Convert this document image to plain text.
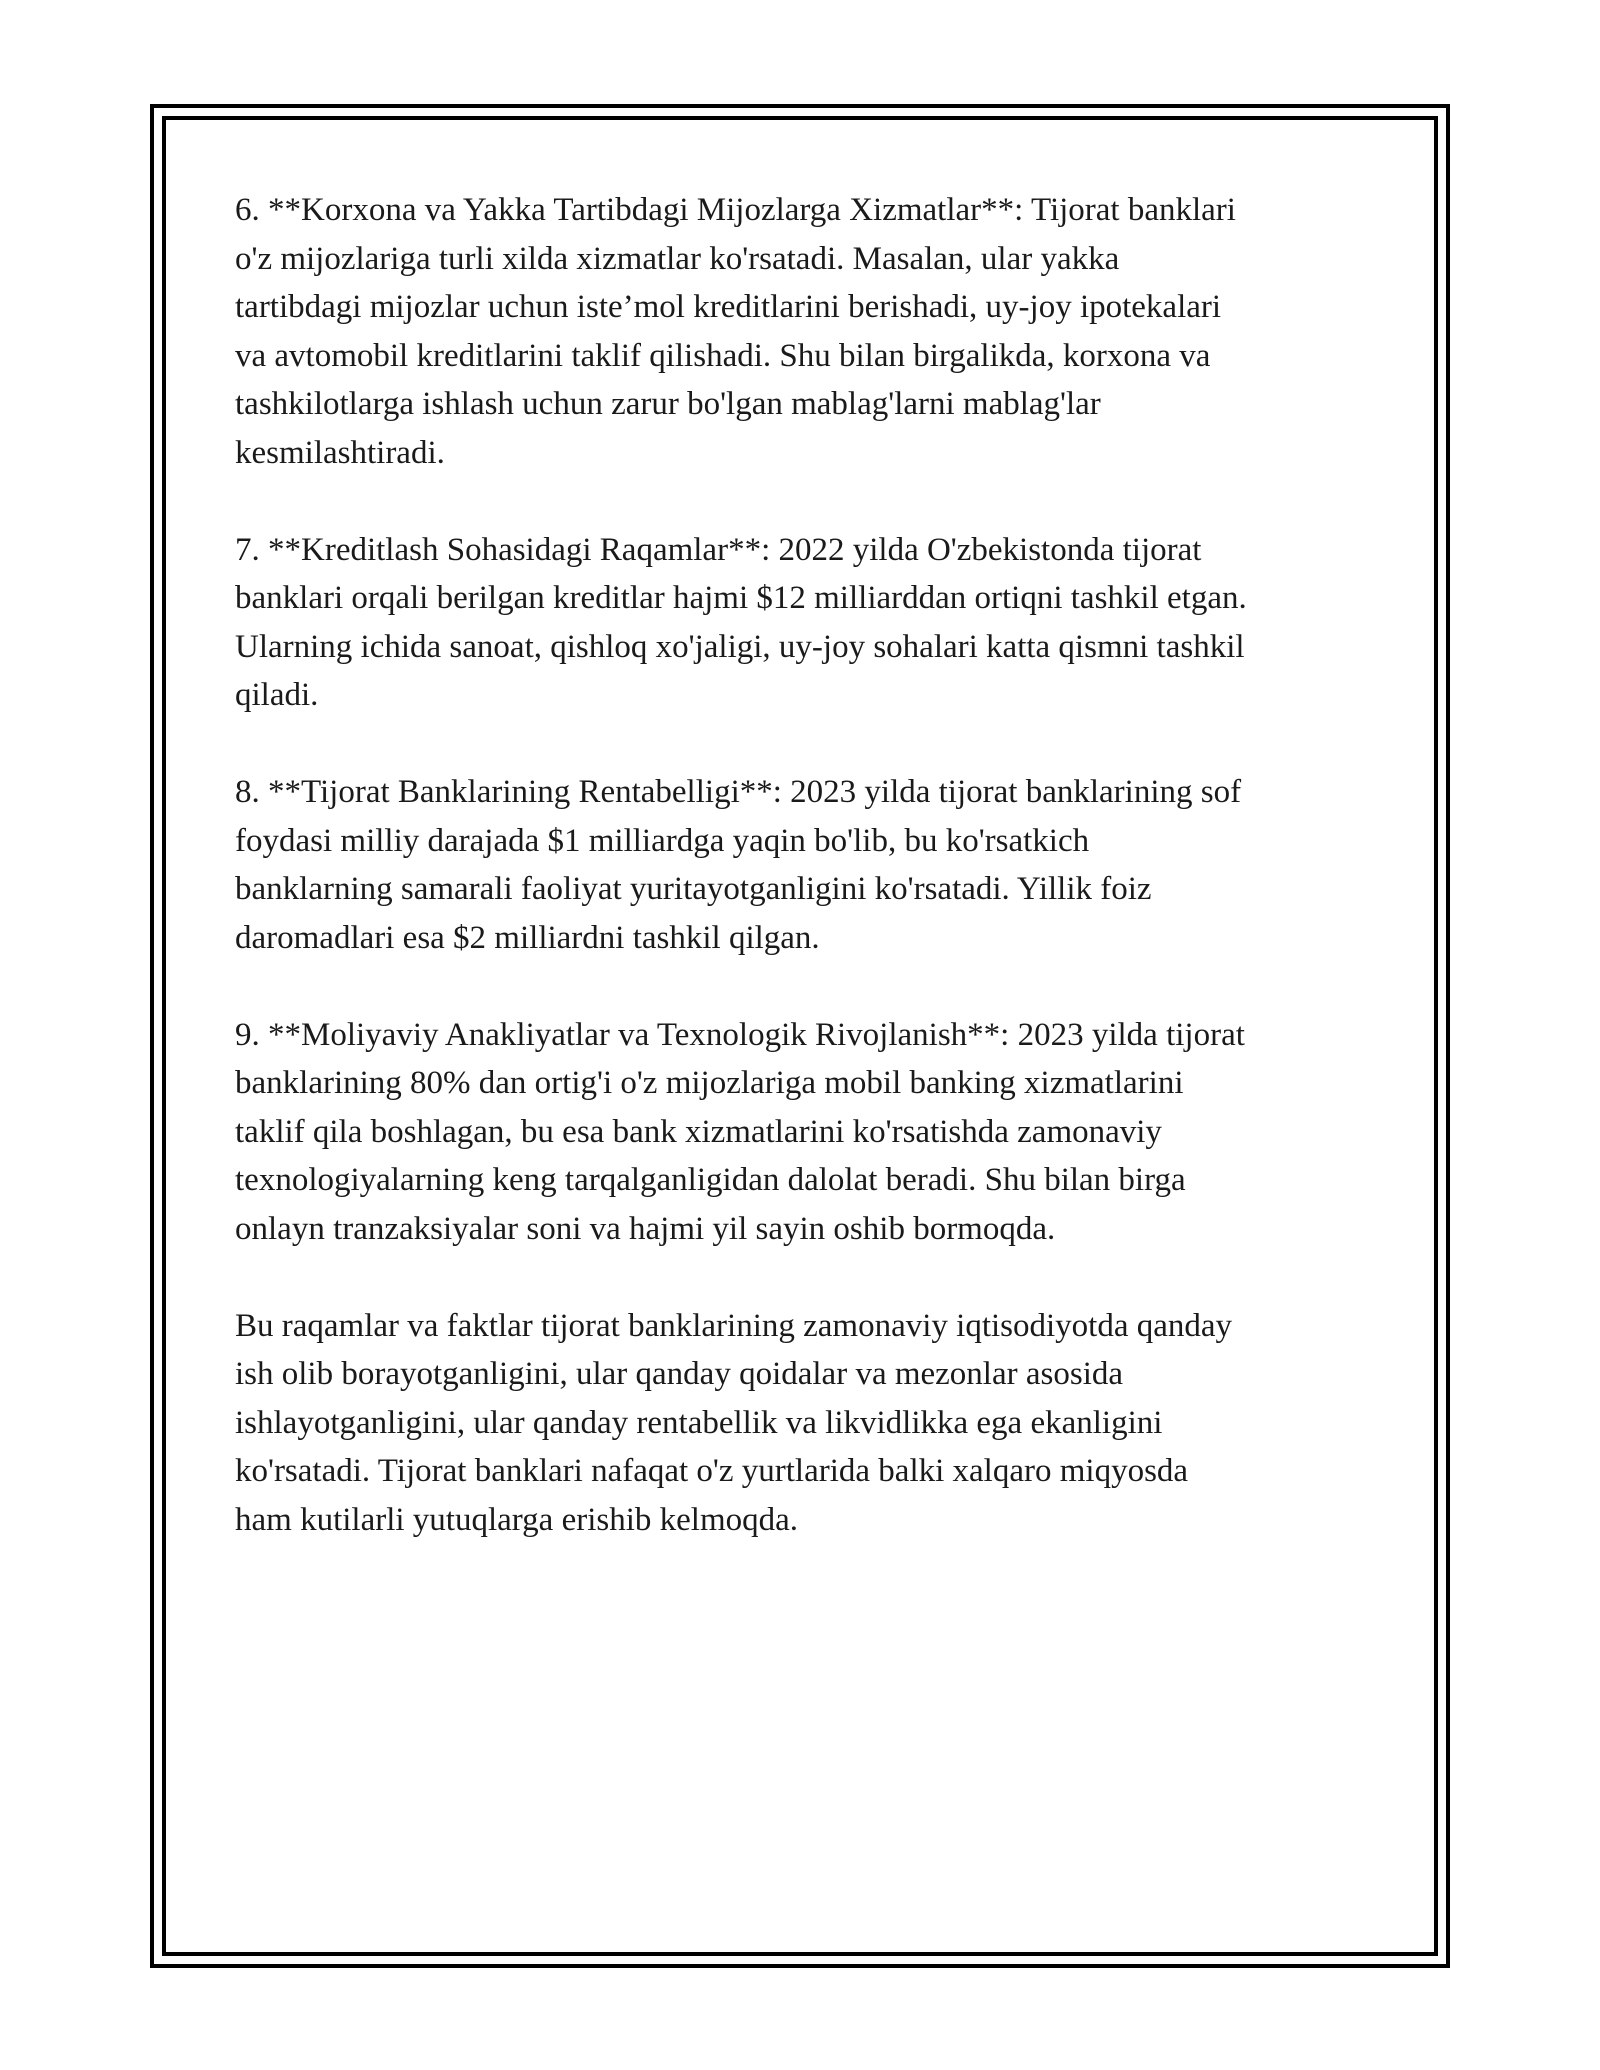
6. **Korxona va Yakka Tartibdagi Mijozlarga Xizmatlar**: Tijorat banklari
o'z mijozlariga turli xilda xizmatlar ko'rsatadi. Masalan, ular yakka
tartibdagi mijozlar uchun iste’mol kreditlarini berishadi, uy-joy ipotekalari
va avtomobil kreditlarini taklif qilishadi. Shu bilan birgalikda, korxona va
tashkilotlarga ishlash uchun zarur bo'lgan mablag'larni mablag'lar
kesmilashtiradi.

7. **Kreditlash Sohasidagi Raqamlar**: 2022 yilda O'zbekistonda tijorat
banklari orqali berilgan kreditlar hajmi $12 milliarddan ortiqni tashkil etgan.
Ularning ichida sanoat, qishloq xo'jaligi, uy-joy sohalari katta qismni tashkil
qiladi.

8. **Tijorat Banklarining Rentabelligi**: 2023 yilda tijorat banklarining sof
foydasi milliy darajada $1 milliardga yaqin bo'lib, bu ko'rsatkich
banklarning samarali faoliyat yuritayotganligini ko'rsatadi. Yillik foiz
daromadlari esa $2 milliardni tashkil qilgan.

9. **Moliyaviy Anakliyatlar va Texnologik Rivojlanish**: 2023 yilda tijorat
banklarining 80% dan ortig'i o'z mijozlariga mobil banking xizmatlarini
taklif qila boshlagan, bu esa bank xizmatlarini ko'rsatishda zamonaviy
texnologiyalarning keng tarqalganligidan dalolat beradi. Shu bilan birga
onlayn tranzaksiyalar soni va hajmi yil sayin oshib bormoqda.

Bu raqamlar va faktlar tijorat banklarining zamonaviy iqtisodiyotda qanday
ish olib borayotganligini, ular qanday qoidalar va mezonlar asosida
ishlayotganligini, ular qanday rentabellik va likvidlikka ega ekanligini
ko'rsatadi. Tijorat banklari nafaqat o'z yurtlarida balki xalqaro miqyosda
ham kutilarli yutuqlarga erishib kelmoqda.
